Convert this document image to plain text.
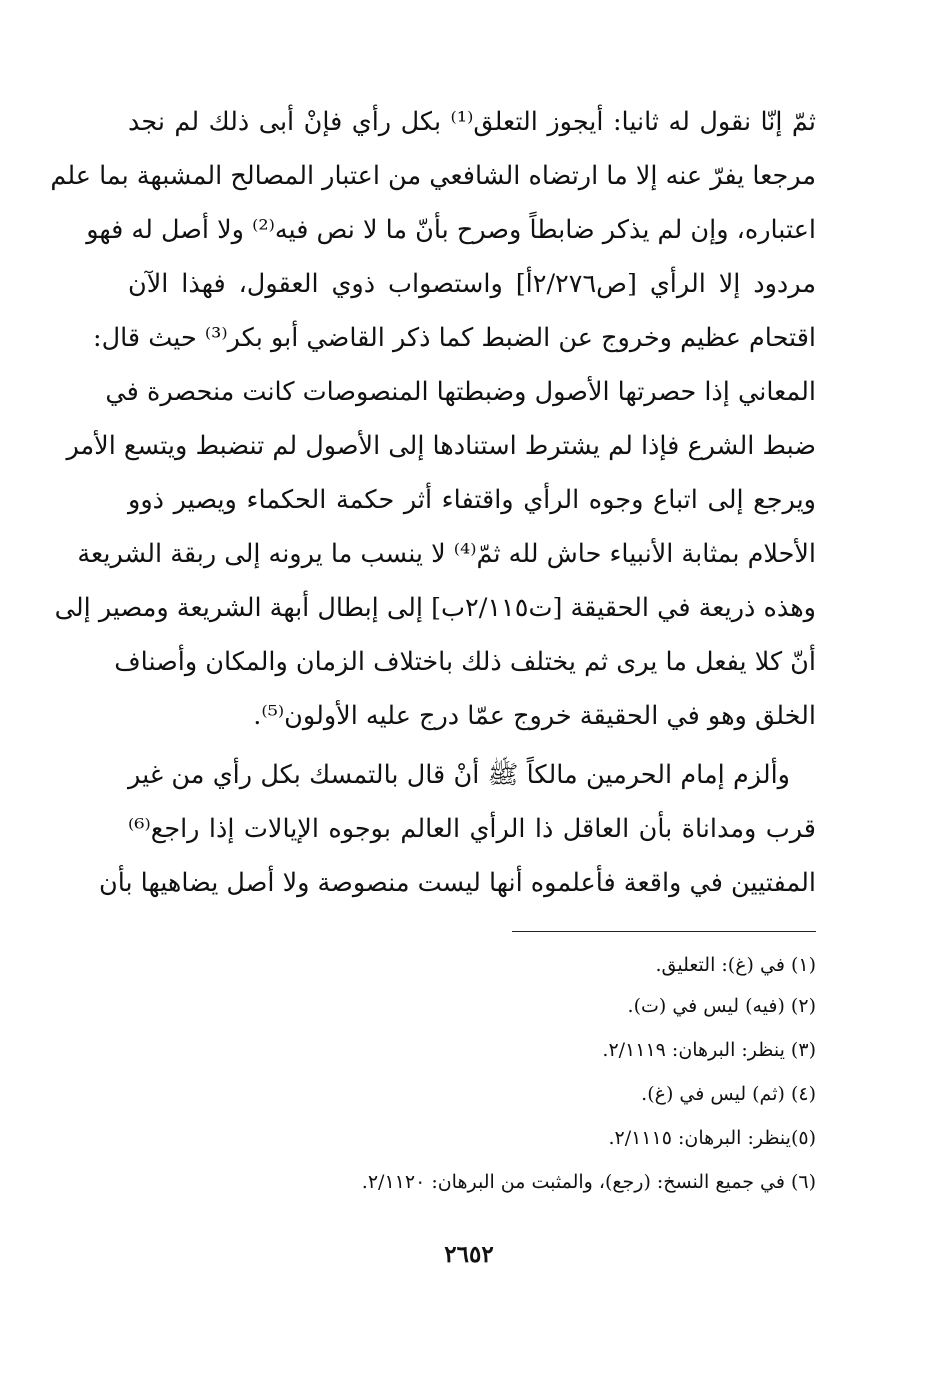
ثمّ إنّا نقول له ثانيا: أيجوز التعلق⁽¹⁾ بكل رأي فإنْ أبى ذلك لم نجد
مرجعا يفرّ عنه إلا ما ارتضاه الشافعي من اعتبار المصالح المشبهة بما علم
اعتباره، وإن لم يذكر ضابطاً وصرح بأنّ ما لا نص فيه⁽²⁾ ولا أصل له فهو
مردود إلا الرأي [ص٢/٢٧٦أ] واستصواب ذوي العقول، فهذا الآن
اقتحام عظيم وخروج عن الضبط كما ذكر القاضي أبو بكر⁽³⁾ حيث قال:
المعاني إذا حصرتها الأصول وضبطتها المنصوصات كانت منحصرة في
ضبط الشرع فإذا لم يشترط استنادها إلى الأصول لم تنضبط ويتسع الأمر
ويرجع إلى اتباع وجوه الرأي واقتفاء أثر حكمة الحكماء ويصير ذوو
الأحلام بمثابة الأنبياء حاش لله ثمّ⁽⁴⁾ لا ينسب ما يرونه إلى ربقة الشريعة
وهذه ذريعة في الحقيقة [ت٢/١١٥ب] إلى إبطال أبهة الشريعة ومصير إلى
أنّ كلا يفعل ما يرى ثم يختلف ذلك باختلاف الزمان والمكان وأصناف
الخلق وهو في الحقيقة خروج عمّا درج عليه الأولون⁽⁵⁾.
وألزم إمام الحرمين مالكاً ﷺ أنْ قال بالتمسك بكل رأي من غير
قرب ومداناة بأن العاقل ذا الرأي العالم بوجوه الإيالات إذا راجع⁽⁶⁾
المفتيين في واقعة فأعلموه أنها ليست منصوصة ولا أصل يضاهيها بأن
(١) في (غ): التعليق.
(٢) (فيه) ليس في (ت).
(٣) ينظر: البرهان: ٢/١١١٩.
(٤) (ثم) ليس في (غ).
(٥)ينظر: البرهان: ٢/١١١٥.
(٦) في جميع النسخ: (رجع)، والمثبت من البرهان: ٢/١١٢٠.
٢٦٥٢
